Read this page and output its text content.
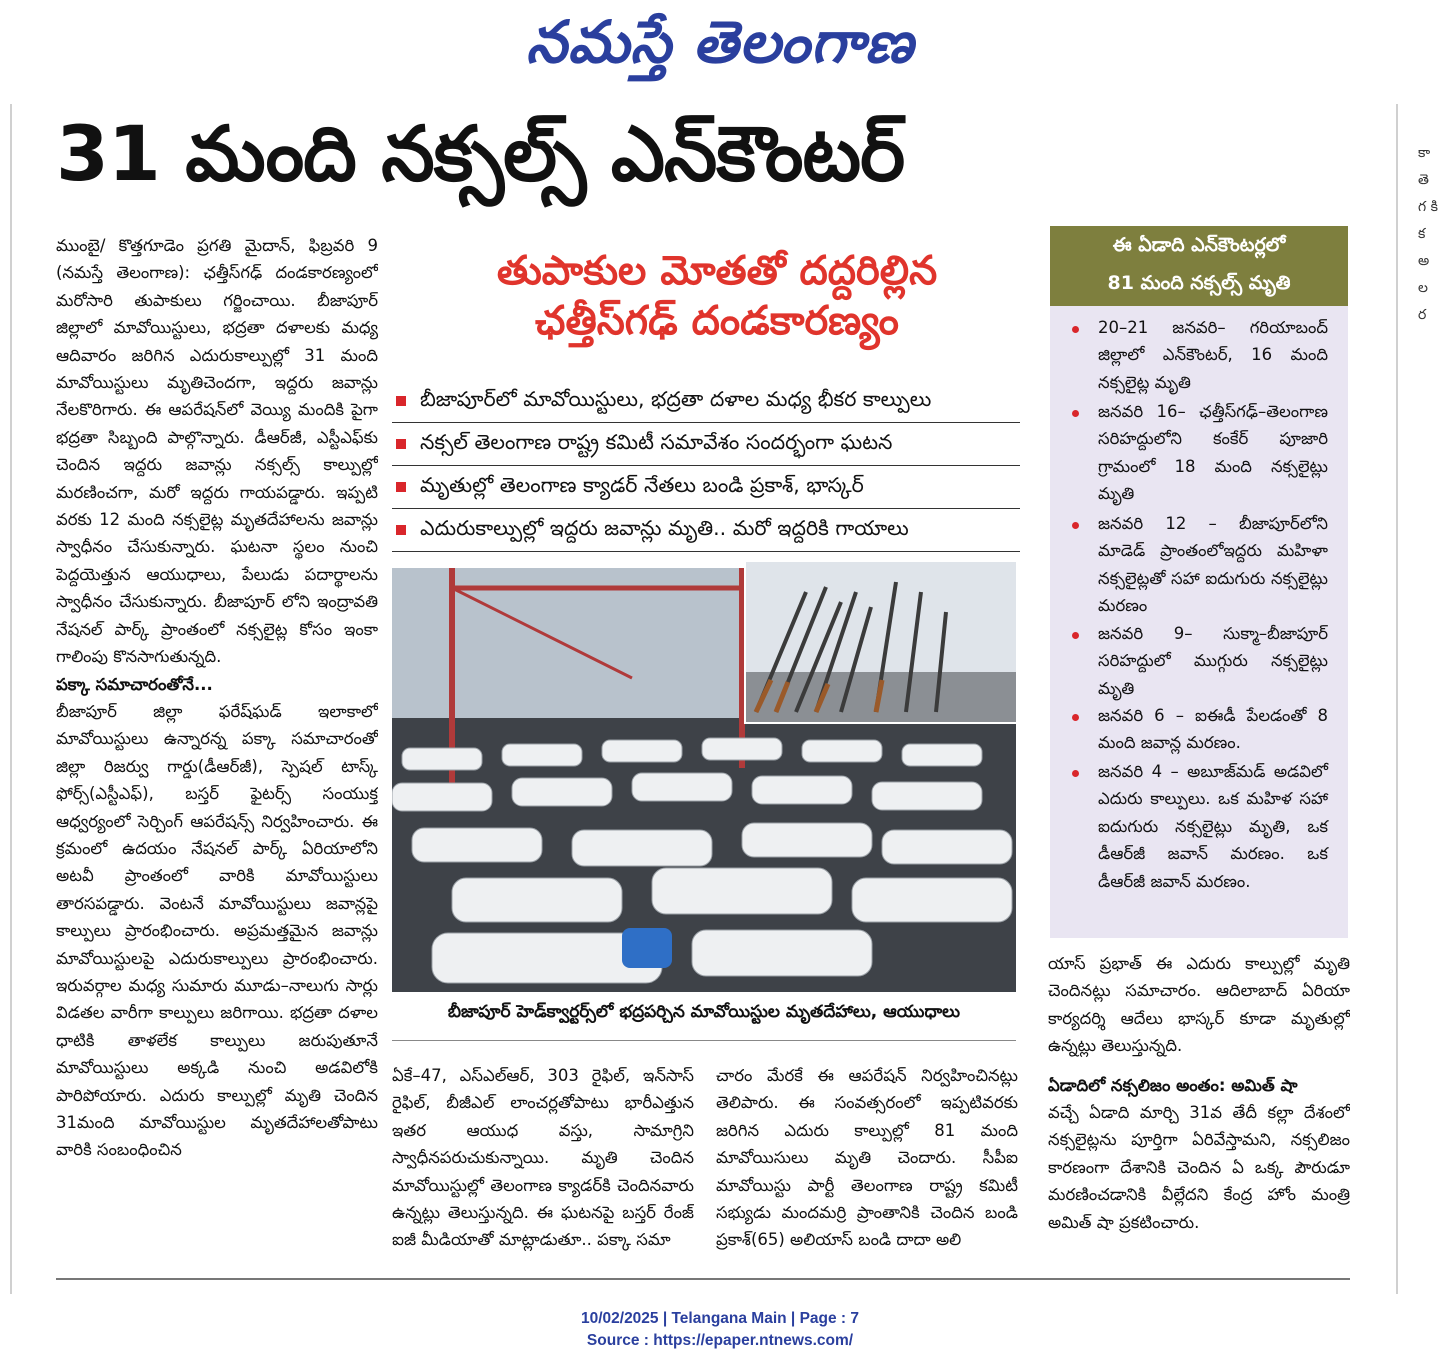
నమస్తే తెలంగాణ
31 మంది నక్సల్స్ ఎన్‌కౌంటర్

ముంబై/ కొత్తగూడెం ప్రగతి మైదాన్, ఫిబ్రవరి 9 (నమస్తే తెలంగాణ): ఛత్తీస్‌గఢ్ దండకారణ్యంలో మరోసారి తుపాకులు గర్జించాయి. బీజాపూర్ జిల్లాలో మావోయిస్టులు, భద్రతా దళాలకు మధ్య ఆదివారం జరిగిన ఎదురుకాల్పుల్లో 31 మంది మావోయిస్టులు మృతిచెందగా, ఇద్దరు జవాన్లు నేలకొరిగారు. ఈ ఆపరేషన్‌లో వెయ్యి మందికి పైగా భద్రతా సిబ్బంది పాల్గొన్నారు. డీఆర్‌జీ, ఎస్టీఎఫ్‌కు చెందిన ఇద్దరు జవాన్లు నక్సల్స్ కాల్పుల్లో మరణించగా, మరో ఇద్దరు గాయపడ్డారు. ఇప్పటి వరకు 12 మంది నక్సలైట్ల మృతదేహాలను జవాన్లు స్వాధీనం చేసుకున్నారు. ఘటనా స్థలం నుంచి పెద్దయెత్తున ఆయుధాలు, పేలుడు పదార్థాలను స్వాధీనం చేసుకున్నారు. బీజాపూర్ లోని ఇంద్రావతి నేషనల్ పార్క్ ప్రాంతంలో నక్సలైట్ల కోసం ఇంకా గాలింపు కొనసాగుతున్నది.

పక్కా సమాచారంతోనే...

బీజాపూర్ జిల్లా ఫరేష్‌ఘడ్ ఇలాకాలో మావోయిస్టులు ఉన్నారన్న పక్కా సమాచారంతో జిల్లా రిజర్వు గార్డు(డీఆర్‌జీ), స్పెషల్ టాస్క్ ఫోర్స్(ఎస్టీఎఫ్), బస్తర్ ఫైటర్స్ సంయుక్త ఆధ్వర్యంలో సెర్చింగ్ ఆపరేషన్స్ నిర్వహించారు. ఈ క్రమంలో ఉదయం నేషనల్ పార్క్ ఏరియాలోని అటవీ ప్రాంతంలో వారికి మావోయిస్టులు తారసపడ్డారు. వెంటనే మావోయిస్టులు జవాన్లపై కాల్పులు ప్రారంభించారు. అప్రమత్తమైన జవాన్లు మావోయిస్టులపై ఎదురుకాల్పులు ప్రారంభించారు. ఇరువర్గాల మధ్య సుమారు మూడు–నాలుగు సార్లు విడతల వారీగా కాల్పులు జరిగాయి. భద్రతా దళాల ధాటికి తాళలేక కాల్పులు జరుపుతూనే మావోయిస్టులు అక్కడి నుంచి అడవిలోకి పారిపోయారు. ఎదురు కాల్పుల్లో మృతి చెందిన 31మంది మావోయిస్టుల మృతదేహాలతోపాటు వారికి సంబంధించిన

తుపాకుల మోతతో దద్దరిల్లిన
ఛత్తీస్‌గఢ్ దండకారణ్యం
బీజాపూర్‌లో మావోయిస్టులు, భద్రతా దళాల మధ్య భీకర కాల్పులు
నక్సల్ తెలంగాణ రాష్ట్ర కమిటీ సమావేశం సందర్భంగా ఘటన
మృతుల్లో తెలంగాణ క్యాడర్ నేతలు బండి ప్రకాశ్, భాస్కర్
ఎదురుకాల్పుల్లో ఇద్దరు జవాన్లు మృతి.. మరో ఇద్దరికి గాయాలు
బీజాపూర్ హెడ్‌క్వార్టర్స్‌లో భద్రపర్చిన మావోయిస్టుల మృతదేహాలు, ఆయుధాలు
ఏకే–47, ఎస్ఎల్ఆర్, 303 రైఫిల్, ఇన్‌సాస్ రైఫిల్, బీజీఎల్ లాంచర్లతోపాటు భారీఎత్తున ఇతర ఆయుధ వస్తు, సామాగ్రిని స్వాధీనపరుచుకున్నాయి. మృతి చెందిన మావోయిస్టుల్లో తెలంగాణ క్యాడర్‌కి చెందినవారు ఉన్నట్లు తెలుస్తున్నది. ఈ ఘటనపై బస్తర్ రేంజ్ ఐజీ మీడియాతో మాట్లాడుతూ.. పక్కా సమా
చారం మేరకే ఈ ఆపరేషన్ నిర్వహించినట్లు తెలిపారు. ఈ సంవత్సరంలో ఇప్పటివరకు జరిగిన ఎదురు కాల్పుల్లో 81 మంది మావోయిసులు మృతి చెందారు. సీపీఐ మావోయిస్టు పార్టీ తెలంగాణ రాష్ట్ర కమిటీ సభ్యుడు మందమర్రి ప్రాంతానికి చెందిన బండి ప్రకాశ్(65) అలియాస్ బండి దాదా అలి
ఈ ఏడాది ఎన్‌కౌంటర్లలో
81 మంది నక్సల్స్ మృతి
20–21 జనవరి– గరియాబంద్ జిల్లాలో ఎన్‌కౌంటర్, 16 మంది నక్సలైట్ల మృతి
జనవరి 16– ఛత్తీస్‌గఢ్–తెలంగాణ సరిహద్దులోని కంకేర్ పూజారి గ్రామంలో 18 మంది నక్సలైట్లు మృతి
జనవరి 12 – బీజాపూర్‌లోని మాడెడ్ ప్రాంతంలోఇద్దరు మహిళా నక్సలైట్లతో సహా ఐదుగురు నక్సలైట్లు మరణం
జనవరి 9– సుక్మా–బీజాపూర్ సరిహద్దులో ముగ్గురు నక్సలైట్లు మృతి
జనవరి 6 – ఐఈడీ పేలడంతో 8 మంది జవాన్ల మరణం.
జనవరి 4 – అబూజ్‌మడ్ అడవిలో ఎదురు కాల్పులు. ఒక మహిళ సహా ఐదుగురు నక్సలైట్లు మృతి, ఒక డీఆర్‌జీ జవాన్ మరణం. ఒక డీఆర్‌జీ జవాన్ మరణం.

యాస్ ప్రభాత్ ఈ ఎదురు కాల్పుల్లో మృతి చెందినట్లు సమాచారం. ఆదిలాబాద్ ఏరియా కార్యదర్శి ఆదేలు భాస్కర్ కూడా మృతుల్లో ఉన్నట్లు తెలుస్తున్నది.

ఏడాదిలో నక్సలిజం అంతం: అమిత్ షా

వచ్చే ఏడాది మార్చి 31వ తేదీ కల్లా దేశంలో నక్సలైట్లను పూర్తిగా ఏరివేస్తామని, నక్సలిజం కారణంగా దేశానికి చెందిన ఏ ఒక్క పౌరుడూ మరణించడానికి వీల్లేదని కేంద్ర హోం మంత్రి అమిత్ షా ప్రకటించారు.

కా తె గ కి క అ ల ర
10/02/2025 | Telangana Main | Page : 7
Source : https://epaper.ntnews.com/
